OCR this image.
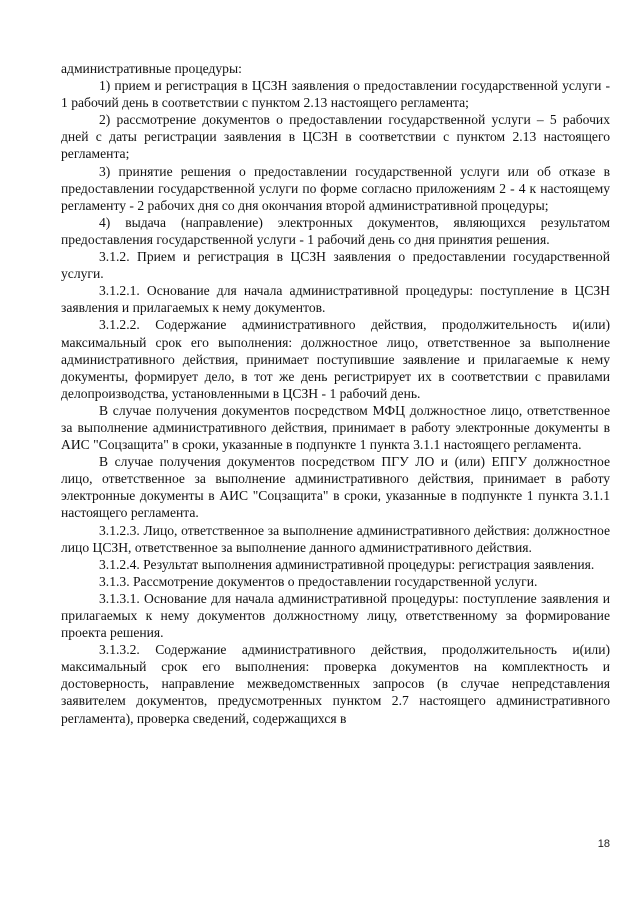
административные процедуры:

1) прием и регистрация в ЦСЗН заявления о предоставлении государственной услуги - 1 рабочий день в соответствии с пунктом 2.13 настоящего регламента;

2) рассмотрение документов о предоставлении государственной услуги – 5 рабочих дней с даты регистрации заявления в ЦСЗН в соответствии с пунктом 2.13 настоящего регламента;

3) принятие решения о предоставлении государственной услуги или об отказе в предоставлении государственной услуги по форме согласно приложениям 2 - 4 к настоящему регламенту - 2 рабочих дня со дня окончания второй административной процедуры;

4) выдача (направление) электронных документов, являющихся результатом предоставления государственной услуги - 1 рабочий день со дня принятия решения.

3.1.2. Прием и регистрация в ЦСЗН заявления о предоставлении государственной услуги.

3.1.2.1. Основание для начала административной процедуры: поступление в ЦСЗН заявления и прилагаемых к нему документов.

3.1.2.2. Содержание административного действия, продолжительность и(или) максимальный срок его выполнения: должностное лицо, ответственное за выполнение административного действия, принимает поступившие заявление и прилагаемые к нему документы, формирует дело, в тот же день регистрирует их в соответствии с правилами делопроизводства, установленными в ЦСЗН - 1 рабочий день.

В случае получения документов посредством МФЦ должностное лицо, ответственное за выполнение административного действия, принимает в работу электронные документы в АИС "Соцзащита" в сроки, указанные в подпункте 1 пункта 3.1.1 настоящего регламента.

В случае получения документов посредством ПГУ ЛО и (или) ЕПГУ должностное лицо, ответственное за выполнение административного действия, принимает в работу электронные документы в АИС "Соцзащита" в сроки, указанные в подпункте 1 пункта 3.1.1 настоящего регламента.

3.1.2.3. Лицо, ответственное за выполнение административного действия: должностное лицо ЦСЗН, ответственное за выполнение данного административного действия.

3.1.2.4. Результат выполнения административной процедуры: регистрация заявления.

3.1.3. Рассмотрение документов о предоставлении государственной услуги.

3.1.3.1. Основание для начала административной процедуры: поступление заявления и прилагаемых к нему документов должностному лицу, ответственному за формирование проекта решения.

3.1.3.2. Содержание административного действия, продолжительность и(или) максимальный срок его выполнения: проверка документов на комплектность и достоверность, направление межведомственных запросов (в случае непредставления заявителем документов, предусмотренных пунктом 2.7 настоящего административного регламента), проверка сведений, содержащихся в

18
